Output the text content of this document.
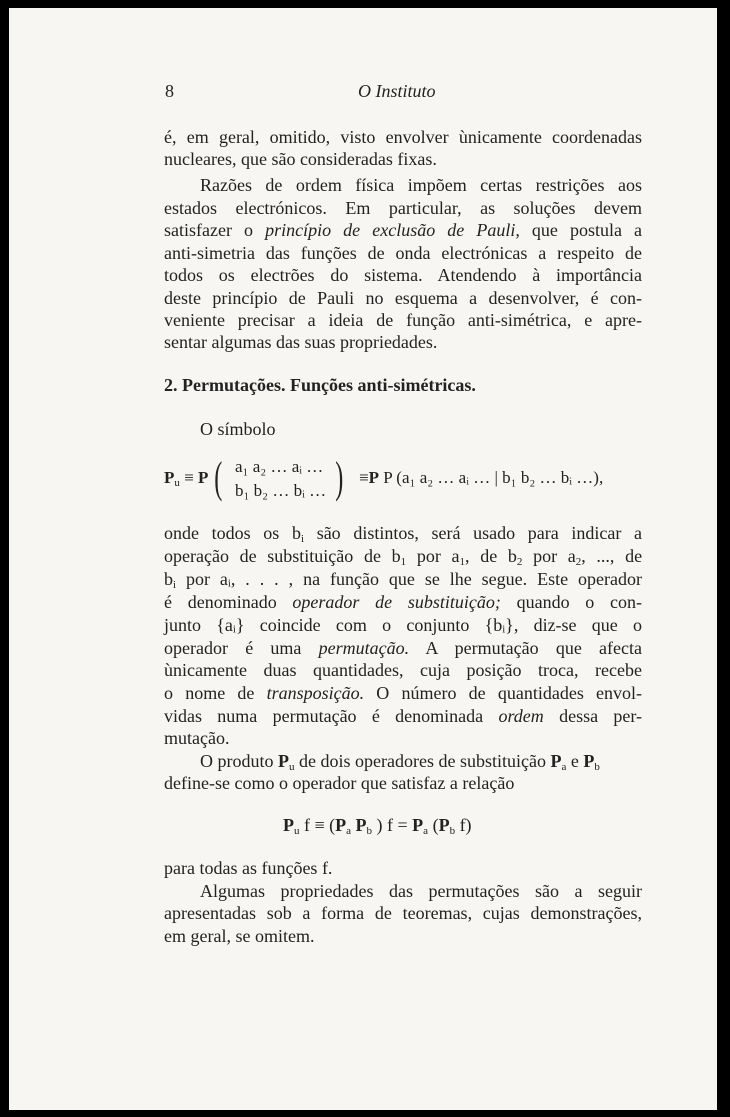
8	O Instituto
é, em geral, omitido, visto envolver ùnicamente coordenadas
nucleares, que são consideradas fixas.
Razões de ordem física impõem certas restrições aos
estados electrónicos. Em particular, as soluções devem
satisfazer o princípio de exclusão de Pauli, que postula a
anti-simetria das funções de onda electrónicas a respeito de
todos os electrões do sistema. Atendendo à importância
deste princípio de Pauli no esquema a desenvolver, é con-
veniente precisar a ideia de função anti-simétrica, e apre-
sentar algumas das suas propriedades.
2. Permutações. Funções anti-simétricas.
O símbolo
$P_u \equiv P$ ( a₁ a₂ … aᵢ …
b₁ b₂ … bᵢ … ) ≡P P (a₁ a₂ … aᵢ … | b₁ b₂ … bᵢ …),
onde todos os $b_i$ são distintos, será usado para indicar a
operação de substituição de $b_1$ por $a_1$, de $b_2$ por $a_2$, ..., de
$b_i$ por aᵢ, . . . , na função que se lhe segue. Este operador
é denominado operador de substituição; quando o con-
junto {aᵢ} coincide com o conjunto {bᵢ}, diz-se que o
operador é uma permutação. A permutação que afecta
ùnicamente duas quantidades, cuja posição troca, recebe
o nome de transposição. O número de quantidades envol-
vidas numa permutação é denominada ordem dessa per-
mutação.
O produto $P_u$ de dois operadores de substituição $P_a$ e $P_b$
define-se como o operador que satisfaz a relação
$P_u$ $f \equiv (P_a$ $P_b$ ) $f = P_a$ ($P_b$ f)
para todas as funções f.
Algumas propriedades das permutações são a seguir
apresentadas sob a forma de teoremas, cujas demonstrações,
em geral, se omitem.
